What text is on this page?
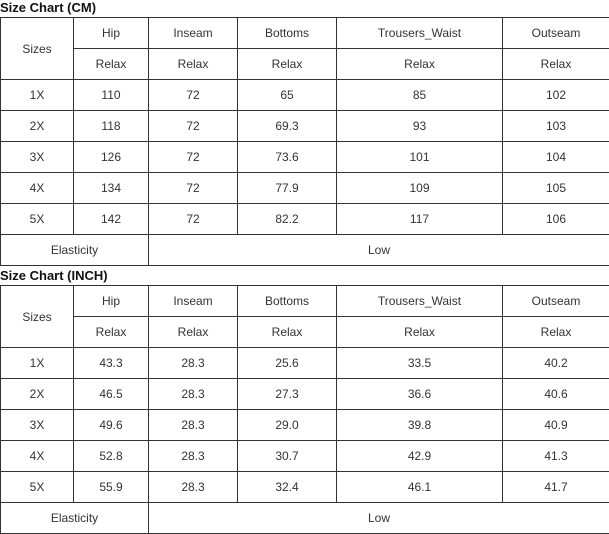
Size Chart (CM)
Sizes	Hip	Inseam	Bottoms	Trousers_Waist	Outseam
	Relax	Relax	Relax	Relax	Relax
1X	110	72	65	85	102
2X	118	72	69.3	93	103
3X	126	72	73.6	101	104
4X	134	72	77.9	109	105
5X	142	72	82.2	117	106
Elasticity		Low			
Size Chart (INCH)
Sizes	Hip	Inseam	Bottoms	Trousers_Waist	Outseam
	Relax	Relax	Relax	Relax	Relax
1X	43.3	28.3	25.6	33.5	40.2
2X	46.5	28.3	27.3	36.6	40.6
3X	49.6	28.3	29.0	39.8	40.9
4X	52.8	28.3	30.7	42.9	41.3
5X	55.9	28.3	32.4	46.1	41.7
Elasticity		Low			
